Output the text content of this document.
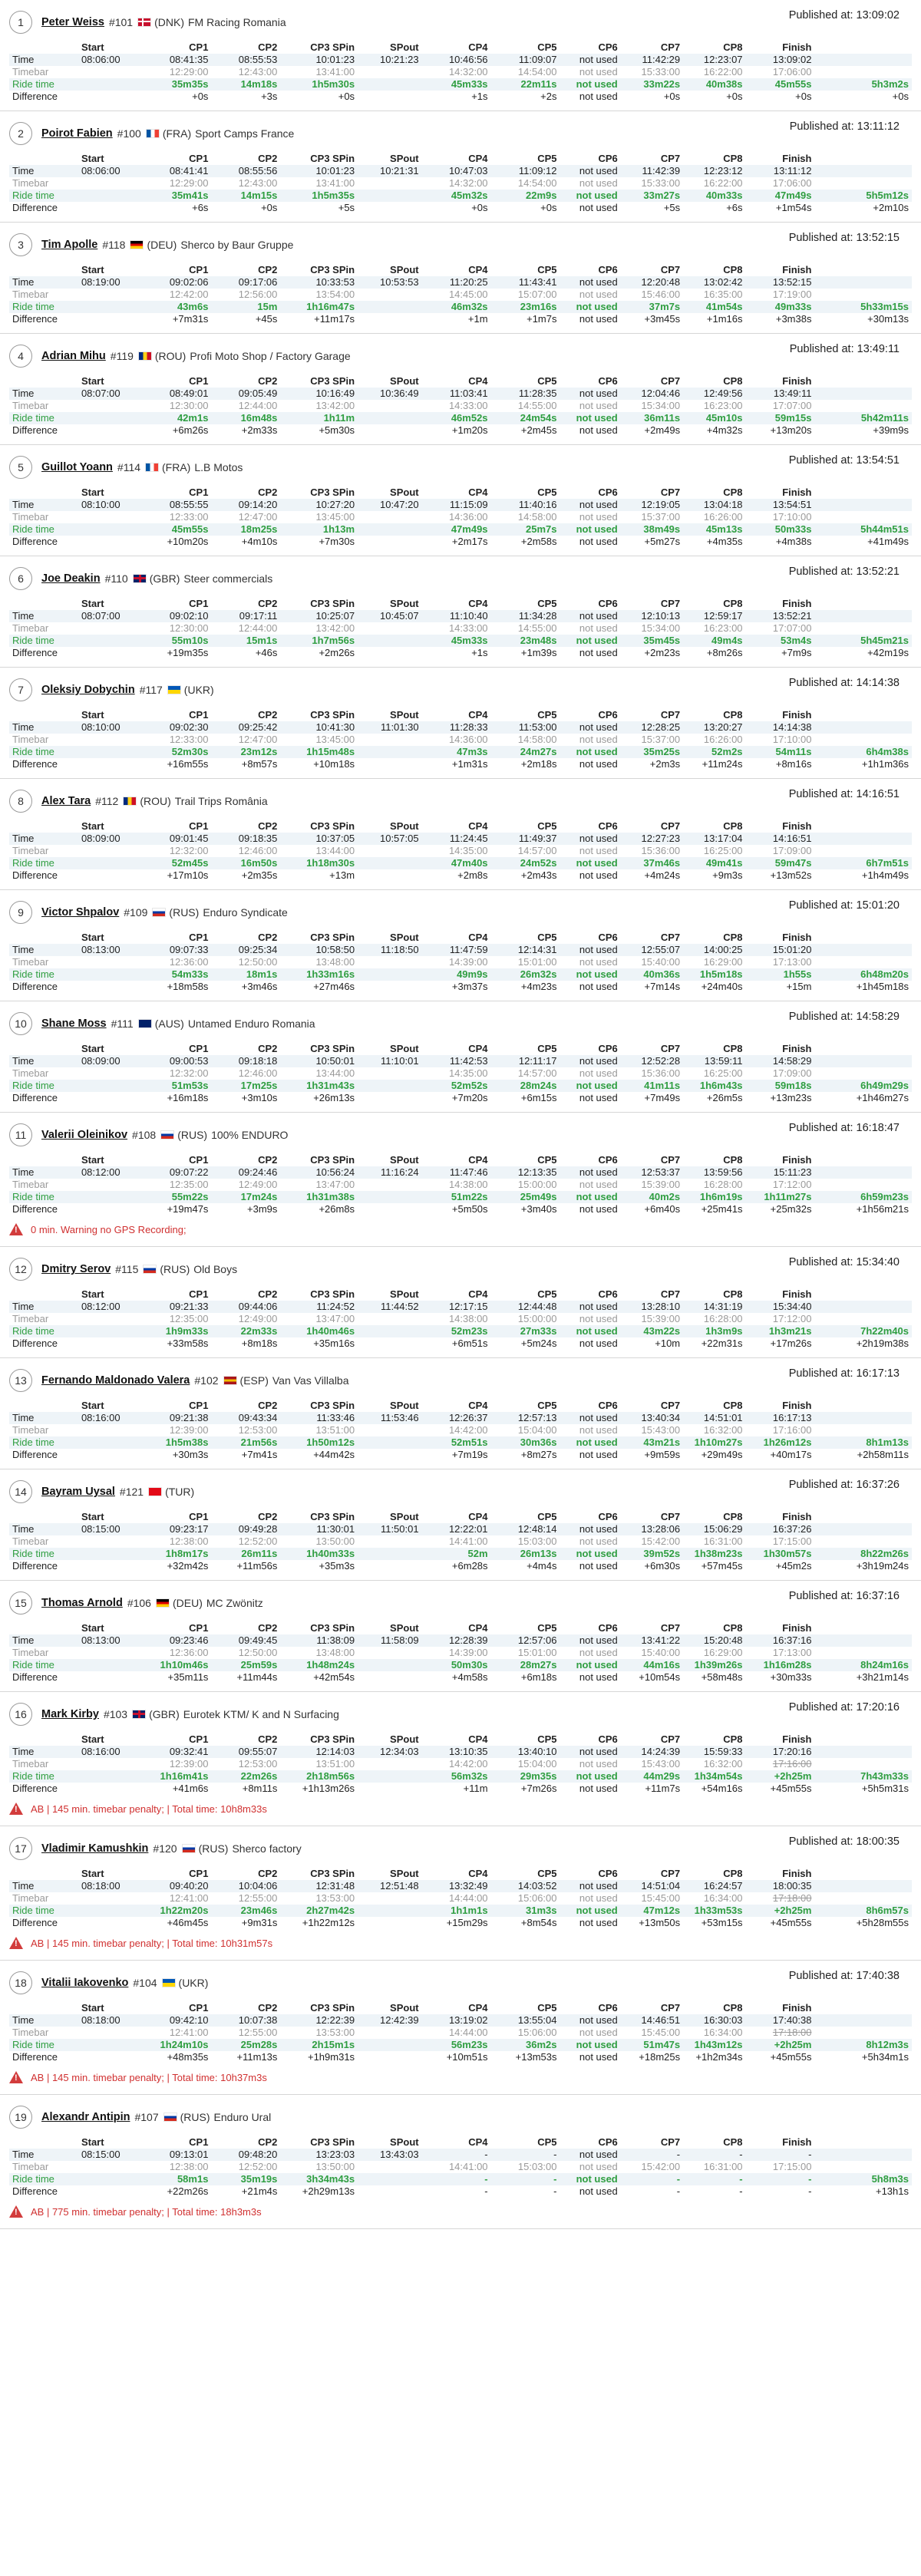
1	Peter Weiss #101 (DNK) FM Racing Romania
Published at: 13:09:02
	Start	CP1	CP2	CP3 SPin	SPout	CP4	CP5	CP6	CP7	CP8	Finish	
Time	08:06:00	08:41:35	08:55:53	10:01:23	10:21:23	10:46:56	11:09:07	not used	11:42:29	12:23:07	13:09:02	
Timebar		12:29:00	12:43:00	13:41:00		14:32:00	14:54:00	not used	15:33:00	16:22:00	17:06:00	
Ride time		35m35s	14m18s	1h5m30s		45m33s	22m11s	not used	33m22s	40m38s	45m55s	5h3m2s
Difference		+0s	+3s	+0s		+1s	+2s	not used	+0s	+0s	+0s	+0s
2	Poirot Fabien #100 (FRA) Sport Camps France
Published at: 13:11:12
	Start	CP1	CP2	CP3 SPin	SPout	CP4	CP5	CP6	CP7	CP8	Finish	
Time	08:06:00	08:41:41	08:55:56	10:01:23	10:21:31	10:47:03	11:09:12	not used	11:42:39	12:23:12	13:11:12	
Timebar		12:29:00	12:43:00	13:41:00		14:32:00	14:54:00	not used	15:33:00	16:22:00	17:06:00	
Ride time		35m41s	14m15s	1h5m35s		45m32s	22m9s	not used	33m27s	40m33s	47m49s	5h5m12s
Difference		+6s	+0s	+5s		+0s	+0s	not used	+5s	+6s	+1m54s	+2m10s
3	Tim Apolle #118 (DEU) Sherco by Baur Gruppe
Published at: 13:52:15
	Start	CP1	CP2	CP3 SPin	SPout	CP4	CP5	CP6	CP7	CP8	Finish	
Time	08:19:00	09:02:06	09:17:06	10:33:53	10:53:53	11:20:25	11:43:41	not used	12:20:48	13:02:42	13:52:15	
Timebar		12:42:00	12:56:00	13:54:00		14:45:00	15:07:00	not used	15:46:00	16:35:00	17:19:00	
Ride time		43m6s	15m	1h16m47s		46m32s	23m16s	not used	37m7s	41m54s	49m33s	5h33m15s
Difference		+7m31s	+45s	+11m17s		+1m	+1m7s	not used	+3m45s	+1m16s	+3m38s	+30m13s
4	Adrian Mihu #119 (ROU) Profi Moto Shop / Factory Garage
Published at: 13:49:11
	Start	CP1	CP2	CP3 SPin	SPout	CP4	CP5	CP6	CP7	CP8	Finish	
Time	08:07:00	08:49:01	09:05:49	10:16:49	10:36:49	11:03:41	11:28:35	not used	12:04:46	12:49:56	13:49:11	
Timebar		12:30:00	12:44:00	13:42:00		14:33:00	14:55:00	not used	15:34:00	16:23:00	17:07:00	
Ride time		42m1s	16m48s	1h11m		46m52s	24m54s	not used	36m11s	45m10s	59m15s	5h42m11s
Difference		+6m26s	+2m33s	+5m30s		+1m20s	+2m45s	not used	+2m49s	+4m32s	+13m20s	+39m9s
5	Guillot Yoann #114 (FRA) L.B Motos
Published at: 13:54:51
	Start	CP1	CP2	CP3 SPin	SPout	CP4	CP5	CP6	CP7	CP8	Finish	
Time	08:10:00	08:55:55	09:14:20	10:27:20	10:47:20	11:15:09	11:40:16	not used	12:19:05	13:04:18	13:54:51	
Timebar		12:33:00	12:47:00	13:45:00		14:36:00	14:58:00	not used	15:37:00	16:26:00	17:10:00	
Ride time		45m55s	18m25s	1h13m		47m49s	25m7s	not used	38m49s	45m13s	50m33s	5h44m51s
Difference		+10m20s	+4m10s	+7m30s		+2m17s	+2m58s	not used	+5m27s	+4m35s	+4m38s	+41m49s
6	Joe Deakin #110 (GBR) Steer commercials
Published at: 13:52:21
	Start	CP1	CP2	CP3 SPin	SPout	CP4	CP5	CP6	CP7	CP8	Finish	
Time	08:07:00	09:02:10	09:17:11	10:25:07	10:45:07	11:10:40	11:34:28	not used	12:10:13	12:59:17	13:52:21	
Timebar		12:30:00	12:44:00	13:42:00		14:33:00	14:55:00	not used	15:34:00	16:23:00	17:07:00	
Ride time		55m10s	15m1s	1h7m56s		45m33s	23m48s	not used	35m45s	49m4s	53m4s	5h45m21s
Difference		+19m35s	+46s	+2m26s		+1s	+1m39s	not used	+2m23s	+8m26s	+7m9s	+42m19s
7	Oleksiy Dobychin #117 (UKR)
Published at: 14:14:38
	Start	CP1	CP2	CP3 SPin	SPout	CP4	CP5	CP6	CP7	CP8	Finish	
Time	08:10:00	09:02:30	09:25:42	10:41:30	11:01:30	11:28:33	11:53:00	not used	12:28:25	13:20:27	14:14:38	
Timebar		12:33:00	12:47:00	13:45:00		14:36:00	14:58:00	not used	15:37:00	16:26:00	17:10:00	
Ride time		52m30s	23m12s	1h15m48s		47m3s	24m27s	not used	35m25s	52m2s	54m11s	6h4m38s
Difference		+16m55s	+8m57s	+10m18s		+1m31s	+2m18s	not used	+2m3s	+11m24s	+8m16s	+1h1m36s
8	Alex Tara #112 (ROU) Trail Trips România
Published at: 14:16:51
	Start	CP1	CP2	CP3 SPin	SPout	CP4	CP5	CP6	CP7	CP8	Finish	
Time	08:09:00	09:01:45	09:18:35	10:37:05	10:57:05	11:24:45	11:49:37	not used	12:27:23	13:17:04	14:16:51	
Timebar		12:32:00	12:46:00	13:44:00		14:35:00	14:57:00	not used	15:36:00	16:25:00	17:09:00	
Ride time		52m45s	16m50s	1h18m30s		47m40s	24m52s	not used	37m46s	49m41s	59m47s	6h7m51s
Difference		+17m10s	+2m35s	+13m		+2m8s	+2m43s	not used	+4m24s	+9m3s	+13m52s	+1h4m49s
9	Victor Shpalov #109 (RUS) Enduro Syndicate
Published at: 15:01:20
	Start	CP1	CP2	CP3 SPin	SPout	CP4	CP5	CP6	CP7	CP8	Finish	
Time	08:13:00	09:07:33	09:25:34	10:58:50	11:18:50	11:47:59	12:14:31	not used	12:55:07	14:00:25	15:01:20	
Timebar		12:36:00	12:50:00	13:48:00		14:39:00	15:01:00	not used	15:40:00	16:29:00	17:13:00	
Ride time		54m33s	18m1s	1h33m16s		49m9s	26m32s	not used	40m36s	1h5m18s	1h55s	6h48m20s
Difference		+18m58s	+3m46s	+27m46s		+3m37s	+4m23s	not used	+7m14s	+24m40s	+15m	+1h45m18s
10	Shane Moss #111 (AUS) Untamed Enduro Romania
Published at: 14:58:29
	Start	CP1	CP2	CP3 SPin	SPout	CP4	CP5	CP6	CP7	CP8	Finish	
Time	08:09:00	09:00:53	09:18:18	10:50:01	11:10:01	11:42:53	12:11:17	not used	12:52:28	13:59:11	14:58:29	
Timebar		12:32:00	12:46:00	13:44:00		14:35:00	14:57:00	not used	15:36:00	16:25:00	17:09:00	
Ride time		51m53s	17m25s	1h31m43s		52m52s	28m24s	not used	41m11s	1h6m43s	59m18s	6h49m29s
Difference		+16m18s	+3m10s	+26m13s		+7m20s	+6m15s	not used	+7m49s	+26m5s	+13m23s	+1h46m27s
11	Valerii Oleinikov #108 (RUS) 100% ENDURO
Published at: 16:18:47
	Start	CP1	CP2	CP3 SPin	SPout	CP4	CP5	CP6	CP7	CP8	Finish	
Time	08:12:00	09:07:22	09:24:46	10:56:24	11:16:24	11:47:46	12:13:35	not used	12:53:37	13:59:56	15:11:23	
Timebar		12:35:00	12:49:00	13:47:00		14:38:00	15:00:00	not used	15:39:00	16:28:00	17:12:00	
Ride time		55m22s	17m24s	1h31m38s		51m22s	25m49s	not used	40m2s	1h6m19s	1h11m27s	6h59m23s
Difference		+19m47s	+3m9s	+26m8s		+5m50s	+3m40s	not used	+6m40s	+25m41s	+25m32s	+1h56m21s
!
0 min. Warning no GPS Recording;
12	Dmitry Serov #115 (RUS) Old Boys
Published at: 15:34:40
	Start	CP1	CP2	CP3 SPin	SPout	CP4	CP5	CP6	CP7	CP8	Finish	
Time	08:12:00	09:21:33	09:44:06	11:24:52	11:44:52	12:17:15	12:44:48	not used	13:28:10	14:31:19	15:34:40	
Timebar		12:35:00	12:49:00	13:47:00		14:38:00	15:00:00	not used	15:39:00	16:28:00	17:12:00	
Ride time		1h9m33s	22m33s	1h40m46s		52m23s	27m33s	not used	43m22s	1h3m9s	1h3m21s	7h22m40s
Difference		+33m58s	+8m18s	+35m16s		+6m51s	+5m24s	not used	+10m	+22m31s	+17m26s	+2h19m38s
13	Fernando Maldonado Valera #102 (ESP) Van Vas Villalba
Published at: 16:17:13
	Start	CP1	CP2	CP3 SPin	SPout	CP4	CP5	CP6	CP7	CP8	Finish	
Time	08:16:00	09:21:38	09:43:34	11:33:46	11:53:46	12:26:37	12:57:13	not used	13:40:34	14:51:01	16:17:13	
Timebar		12:39:00	12:53:00	13:51:00		14:42:00	15:04:00	not used	15:43:00	16:32:00	17:16:00	
Ride time		1h5m38s	21m56s	1h50m12s		52m51s	30m36s	not used	43m21s	1h10m27s	1h26m12s	8h1m13s
Difference		+30m3s	+7m41s	+44m42s		+7m19s	+8m27s	not used	+9m59s	+29m49s	+40m17s	+2h58m11s
14	Bayram Uysal #121 (TUR)
Published at: 16:37:26
	Start	CP1	CP2	CP3 SPin	SPout	CP4	CP5	CP6	CP7	CP8	Finish	
Time	08:15:00	09:23:17	09:49:28	11:30:01	11:50:01	12:22:01	12:48:14	not used	13:28:06	15:06:29	16:37:26	
Timebar		12:38:00	12:52:00	13:50:00		14:41:00	15:03:00	not used	15:42:00	16:31:00	17:15:00	
Ride time		1h8m17s	26m11s	1h40m33s		52m	26m13s	not used	39m52s	1h38m23s	1h30m57s	8h22m26s
Difference		+32m42s	+11m56s	+35m3s		+6m28s	+4m4s	not used	+6m30s	+57m45s	+45m2s	+3h19m24s
15	Thomas Arnold #106 (DEU) MC Zwönitz
Published at: 16:37:16
	Start	CP1	CP2	CP3 SPin	SPout	CP4	CP5	CP6	CP7	CP8	Finish	
Time	08:13:00	09:23:46	09:49:45	11:38:09	11:58:09	12:28:39	12:57:06	not used	13:41:22	15:20:48	16:37:16	
Timebar		12:36:00	12:50:00	13:48:00		14:39:00	15:01:00	not used	15:40:00	16:29:00	17:13:00	
Ride time		1h10m46s	25m59s	1h48m24s		50m30s	28m27s	not used	44m16s	1h39m26s	1h16m28s	8h24m16s
Difference		+35m11s	+11m44s	+42m54s		+4m58s	+6m18s	not used	+10m54s	+58m48s	+30m33s	+3h21m14s
16	Mark Kirby #103 (GBR) Eurotek KTM/ K and N Surfacing
Published at: 17:20:16
	Start	CP1	CP2	CP3 SPin	SPout	CP4	CP5	CP6	CP7	CP8	Finish	
Time	08:16:00	09:32:41	09:55:07	12:14:03	12:34:03	13:10:35	13:40:10	not used	14:24:39	15:59:33	17:20:16	
Timebar		12:39:00	12:53:00	13:51:00		14:42:00	15:04:00	not used	15:43:00	16:32:00	17:16:00	
Ride time		1h16m41s	22m26s	2h18m56s		56m32s	29m35s	not used	44m29s	1h34m54s	+2h25m	7h43m33s
Difference		+41m6s	+8m11s	+1h13m26s		+11m	+7m26s	not used	+11m7s	+54m16s	+45m55s	+5h5m31s
!
AB | 145 min. timebar penalty; | Total time: 10h8m33s
17	Vladimir Kamushkin #120 (RUS) Sherco factory
Published at: 18:00:35
	Start	CP1	CP2	CP3 SPin	SPout	CP4	CP5	CP6	CP7	CP8	Finish	
Time	08:18:00	09:40:20	10:04:06	12:31:48	12:51:48	13:32:49	14:03:52	not used	14:51:04	16:24:57	18:00:35	
Timebar		12:41:00	12:55:00	13:53:00		14:44:00	15:06:00	not used	15:45:00	16:34:00	17:18:00	
Ride time		1h22m20s	23m46s	2h27m42s		1h1m1s	31m3s	not used	47m12s	1h33m53s	+2h25m	8h6m57s
Difference		+46m45s	+9m31s	+1h22m12s		+15m29s	+8m54s	not used	+13m50s	+53m15s	+45m55s	+5h28m55s
!
AB | 145 min. timebar penalty; | Total time: 10h31m57s
18	Vitalii Iakovenko #104 (UKR)
Published at: 17:40:38
	Start	CP1	CP2	CP3 SPin	SPout	CP4	CP5	CP6	CP7	CP8	Finish	
Time	08:18:00	09:42:10	10:07:38	12:22:39	12:42:39	13:19:02	13:55:04	not used	14:46:51	16:30:03	17:40:38	
Timebar		12:41:00	12:55:00	13:53:00		14:44:00	15:06:00	not used	15:45:00	16:34:00	17:18:00	
Ride time		1h24m10s	25m28s	2h15m1s		56m23s	36m2s	not used	51m47s	1h43m12s	+2h25m	8h12m3s
Difference		+48m35s	+11m13s	+1h9m31s		+10m51s	+13m53s	not used	+18m25s	+1h2m34s	+45m55s	+5h34m1s
!
AB | 145 min. timebar penalty; | Total time: 10h37m3s
19	Alexandr Antipin #107 (RUS) Enduro Ural
	Start	CP1	CP2	CP3 SPin	SPout	CP4	CP5	CP6	CP7	CP8	Finish	
Time	08:15:00	09:13:01	09:48:20	13:23:03	13:43:03	-	-	not used	-	-	-	
Timebar		12:38:00	12:52:00	13:50:00		14:41:00	15:03:00	not used	15:42:00	16:31:00	17:15:00	
Ride time		58m1s	35m19s	3h34m43s		-	-	not used	-	-	-	5h8m3s
Difference		+22m26s	+21m4s	+2h29m13s		-	-	not used	-	-	-	+13h1s
!
AB | 775 min. timebar penalty; | Total time: 18h3m3s
